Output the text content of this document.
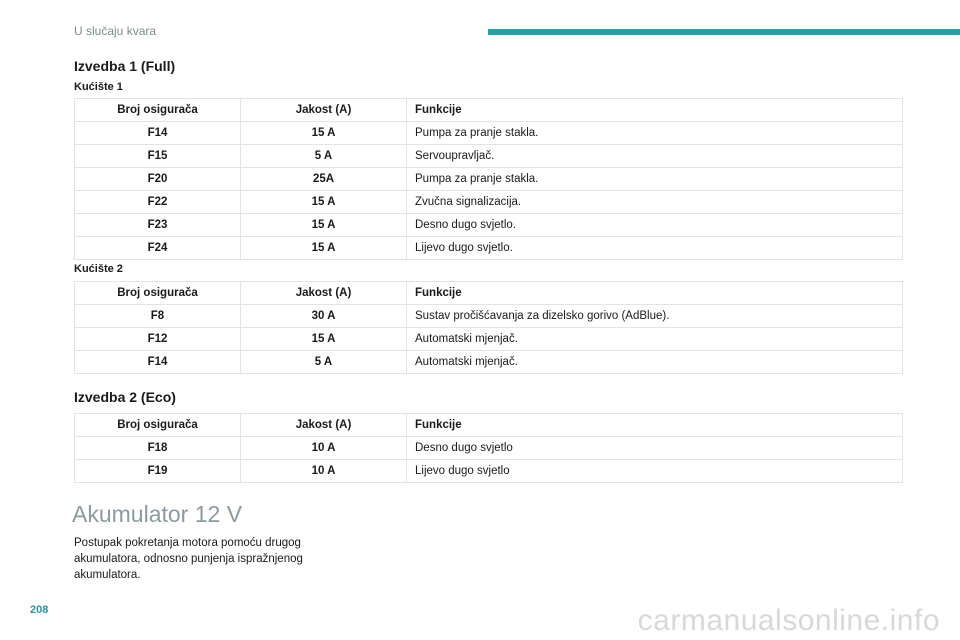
U slučaju kvara
Izvedba 1 (Full)
Kućište 1
Broj osigurača	Jakost (A)	Funkcije
F14	15 A	Pumpa za pranje stakla.
F15	5 A	Servoupravljač.
F20	25A	Pumpa za pranje stakla.
F22	15 A	Zvučna signalizacija.
F23	15 A	Desno dugo svjetlo.
F24	15 A	Lijevo dugo svjetlo.
Kućište 2
Broj osigurača	Jakost (A)	Funkcije
F8	30 A	Sustav pročišćavanja za dizelsko gorivo (AdBlue).
F12	15 A	Automatski mjenjač.
F14	5 A	Automatski mjenjač.
Izvedba 2 (Eco)
Broj osigurača	Jakost (A)	Funkcije
F18	10 A	Desno dugo svjetlo
F19	10 A	Lijevo dugo svjetlo
Akumulator 12 V
Postupak pokretanja motora pomoću drugog akumulatora, odnosno punjenja ispražnjenog akumulatora.
208	carmanualsonline.info
